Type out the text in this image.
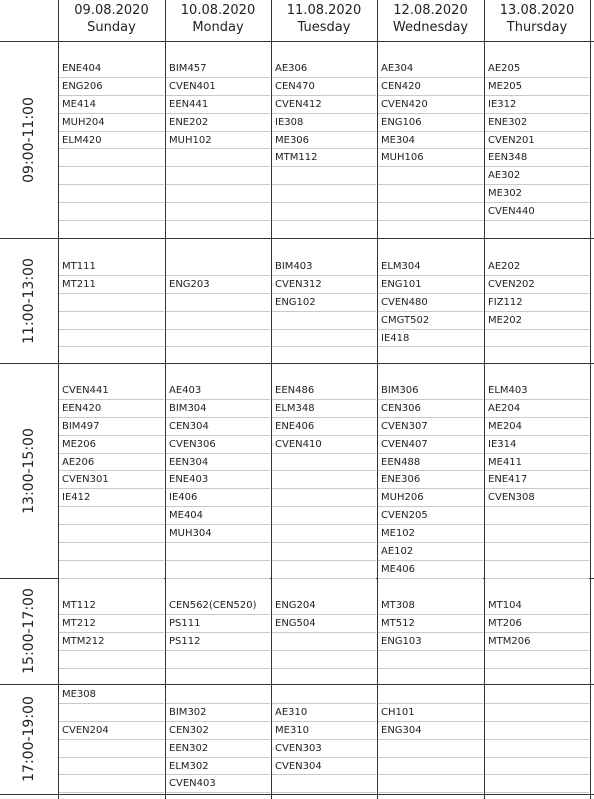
09.08.2020
Sunday
10.08.2020
Monday
11.08.2020
Tuesday
12.08.2020
Wednesday
13.08.2020
Thursday
09:00-11:00
11:00-13:00
13:00-15:00
15:00-17:00
17:00-19:00
ENE404
ENG206
ME414
MUH204
ELM420
BIM457
CVEN401
EEN441
ENE202
MUH102
AE306
CEN470
CVEN412
IE308
ME306
MTM112
AE304
CEN420
CVEN420
ENG106
ME304
MUH106
AE205
ME205
IE312
ENE302
CVEN201
EEN348
AE302
ME302
CVEN440
MT111
MT211	ENG203
BIM403
CVEN312
ENG102
ELM304
ENG101
CVEN480
CMGT502
IE418
AE202
CVEN202
FIZ112
ME202
CVEN441
EEN420
BIM497
ME206
AE206
CVEN301
IE412
AE403
BIM304
CEN304
CVEN306
EEN304
ENE403
IE406
ME404
MUH304
EEN486
ELM348
ENE406
CVEN410
BIM306
CEN306
CVEN307
CVEN407
EEN488
ENE306
MUH206
CVEN205
ME102
AE102
ME406
ELM403
AE204
ME204
IE314
ME411
ENE417
CVEN308
MT112
MT212
MTM212
CEN562(CEN520)
PS111
PS112
ENG204
ENG504
MT308
MT512
ENG103
MT104
MT206
MTM206
ME308
CVEN204
BIM302
CEN302
EEN302
ELM302
CVEN403
AE310
ME310
CVEN303
CVEN304
CH101
ENG304
